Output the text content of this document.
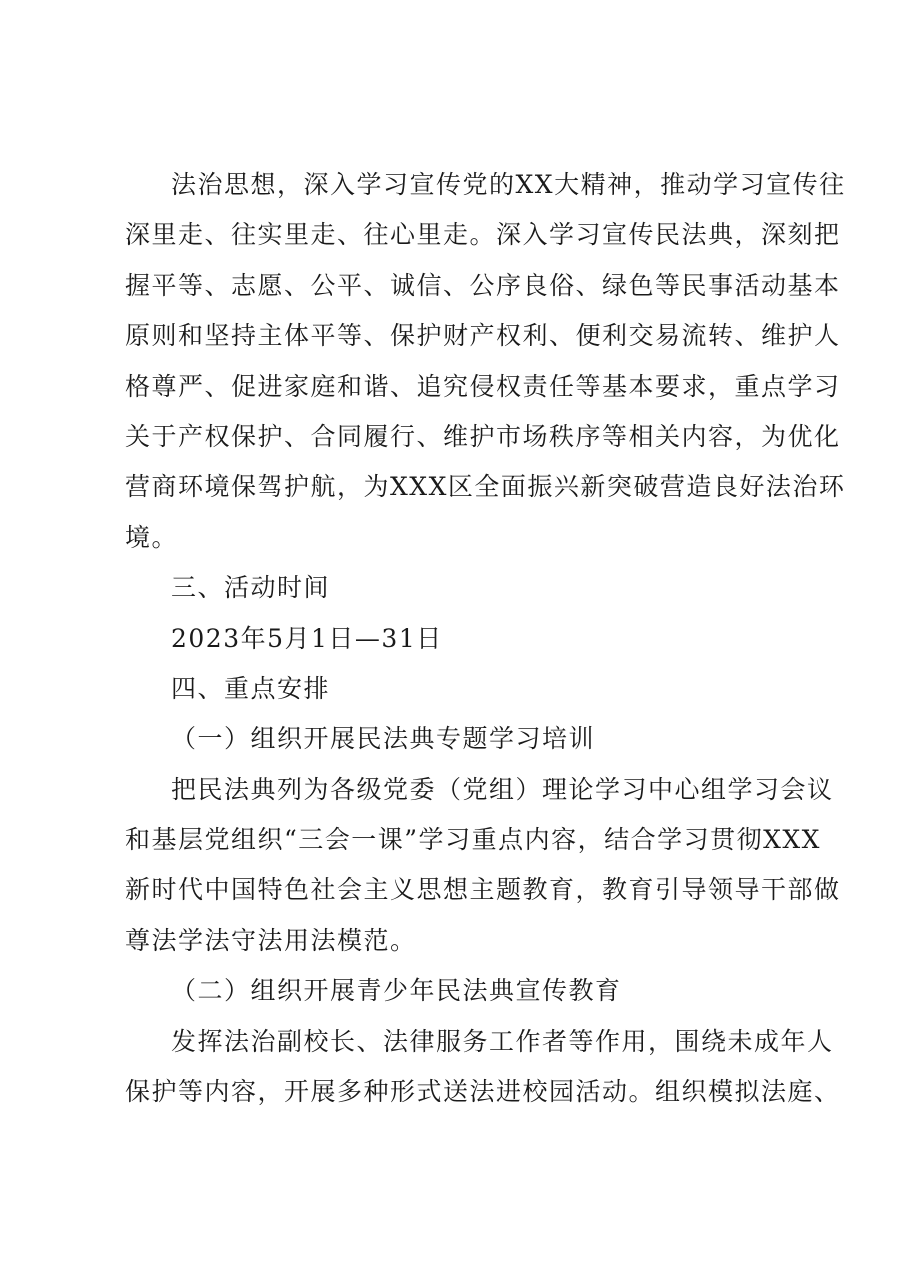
法治思想，深入学习宣传党的XX大精神，推动学习宣传往
深里走、往实里走、往心里走。深入学习宣传民法典，深刻把
握平等、志愿、公平、诚信、公序良俗、绿色等民事活动基本
原则和坚持主体平等、保护财产权利、便利交易流转、维护人
格尊严、促进家庭和谐、追究侵权责任等基本要求，重点学习
关于产权保护、合同履行、维护市场秩序等相关内容，为优化
营商环境保驾护航，为XXX区全面振兴新突破营造良好法治环
境。
三、活动时间
2023年5月1日—31日
四、重点安排
（一）组织开展民法典专题学习培训
把民法典列为各级党委（党组）理论学习中心组学习会议
和基层党组织“三会一课”学习重点内容，结合学习贯彻XXX
新时代中国特色社会主义思想主题教育，教育引导领导干部做
尊法学法守法用法模范。
（二）组织开展青少年民法典宣传教育
发挥法治副校长、法律服务工作者等作用，围绕未成年人
保护等内容，开展多种形式送法进校园活动。组织模拟法庭、
